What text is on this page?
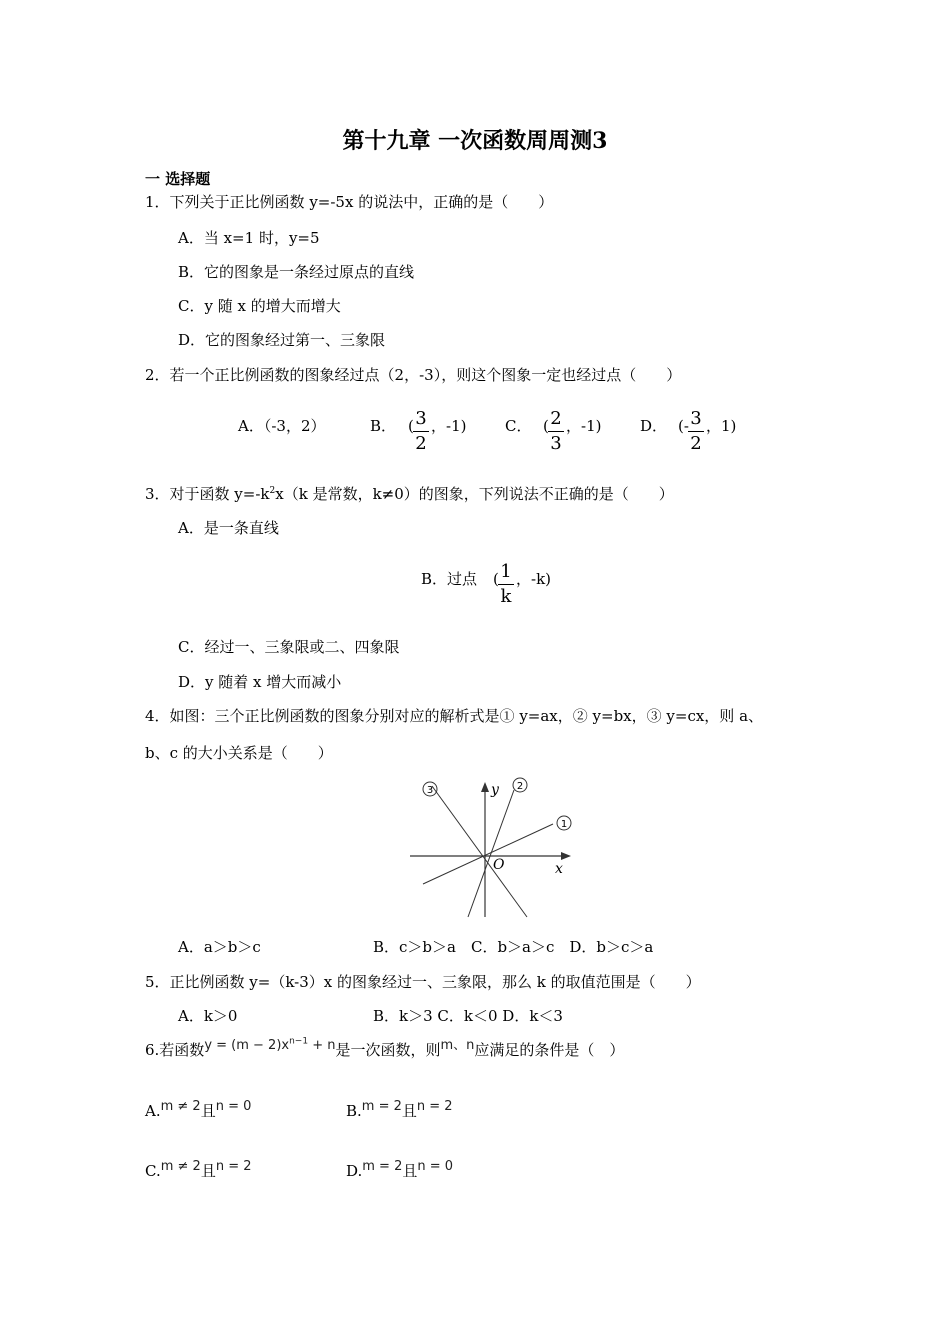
第十九章 一次函数周周测3
一 选择题
1．下列关于正比例函数 y=-5x 的说法中，正确的是（　　）
A．当 x=1 时，y=5
B．它的图象是一条经过原点的直线
C．y 随 x 的增大而增大
D．它的图象经过第一、三象限
2．若一个正比例函数的图象经过点（2，-3），则这个图象一定也经过点（　　）
A．（-3，2）	B． ( 3
2
，-1)	C． ( 2
3
，-1)	D． (- 3
2
，1)
3．对于函数 $y=-k^2x(k$ 是常数，k≠0）的图象，下列说法不正确的是（　　）
A．是一条直线
B．过点 ( 1
k
，-k)
C．经过一、三象限或二、四象限
D．y 随着 x 增大而减小
4．如图：三个正比例函数的图象分别对应的解析式是① y=ax，② y=bx，③ y=cx，则 a、
b、c 的大小关系是（　　）
1
2
3	y
x
O
A．a＞b＞c	B．c＞b＞a　C．b＞a＞c　D．b＞c＞a
5．正比例函数 y=（k-3）x 的图象经过一、三象限，那么 k 的取值范围是（　　）
A．k＞0	B．k＞3 C．k＜0 D．k＜3
6.若函数$y = (m - 2)x^{n-1} + n$是一次函数，则m、n应满足的条件是（　）
A.m ≠ 2且n = 0	B.m = 2且n = 2
C.m ≠ 2且n = 2	D.m = 2且n = 0
